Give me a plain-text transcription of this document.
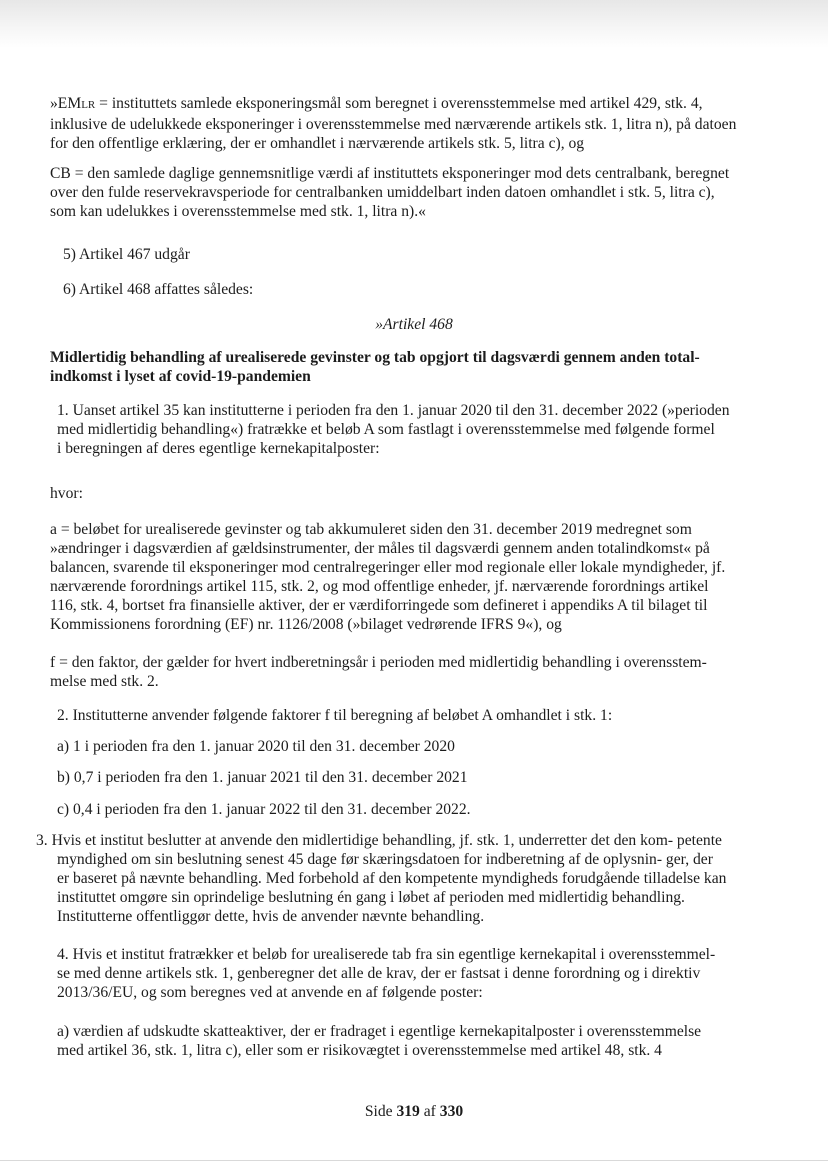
»EMLR = instituttets samlede eksponeringsmål som beregnet i overensstemmelse med artikel 429, stk. 4,
inklusive de udelukkede eksponeringer i overensstemmelse med nærværende artikels stk. 1, litra n), på datoen
for den offentlige erklæring, der er omhandlet i nærværende artikels stk. 5, litra c), og
CB = den samlede daglige gennemsnitlige værdi af instituttets eksponeringer mod dets centralbank, beregnet
over den fulde reservekravsperiode for centralbanken umiddelbart inden datoen omhandlet i stk. 5, litra c),
som kan udelukkes i overensstemmelse med stk. 1, litra n).«
5) Artikel 467 udgår
6) Artikel 468 affattes således:
»Artikel 468
Midlertidig behandling af urealiserede gevinster og tab opgjort til dagsværdi gennem anden total-
indkomst i lyset af covid-19-pandemien
1. Uanset artikel 35 kan institutterne i perioden fra den 1. januar 2020 til den 31. december 2022 (»perioden
med midlertidig behandling«) fratrække et beløb A som fastlagt i overensstemmelse med følgende formel
i beregningen af deres egentlige kernekapitalposter:
hvor:
a = beløbet for urealiserede gevinster og tab akkumuleret siden den 31. december 2019 medregnet som
»ændringer i dagsværdien af gældsinstrumenter, der måles til dagsværdi gennem anden totalindkomst« på
balancen, svarende til eksponeringer mod centralregeringer eller mod regionale eller lokale myndigheder, jf.
nærværende forordnings artikel 115, stk. 2, og mod offentlige enheder, jf. nærværende forordnings artikel
116, stk. 4, bortset fra finansielle aktiver, der er værdiforringede som defineret i appendiks A til bilaget til
Kommissionens forordning (EF) nr. 1126/2008 (»bilaget vedrørende IFRS 9«), og
f = den faktor, der gælder for hvert indberetningsår i perioden med midlertidig behandling i overensstem-
melse med stk. 2.
2. Institutterne anvender følgende faktorer f til beregning af beløbet A omhandlet i stk. 1:
a) 1 i perioden fra den 1. januar 2020 til den 31. december 2020
b) 0,7 i perioden fra den 1. januar 2021 til den 31. december 2021
c) 0,4 i perioden fra den 1. januar 2022 til den 31. december 2022.
3. Hvis et institut beslutter at anvende den midlertidige behandling, jf. stk. 1, underretter det den kom- petente
myndighed om sin beslutning senest 45 dage før skæringsdatoen for indberetning af de oplysnin- ger, der
er baseret på nævnte behandling. Med forbehold af den kompetente myndigheds forudgående tilladelse kan
instituttet omgøre sin oprindelige beslutning én gang i løbet af perioden med midlertidig behandling.
Institutterne offentliggør dette, hvis de anvender nævnte behandling.
4. Hvis et institut fratrækker et beløb for urealiserede tab fra sin egentlige kernekapital i overensstemmel-
se med denne artikels stk. 1, genberegner det alle de krav, der er fastsat i denne forordning og i direktiv
2013/36/EU, og som beregnes ved at anvende en af følgende poster:
a) værdien af udskudte skatteaktiver, der er fradraget i egentlige kernekapitalposter i overensstemmelse
med artikel 36, stk. 1, litra c), eller som er risikovægtet i overensstemmelse med artikel 48, stk. 4
Side 319 af 330
